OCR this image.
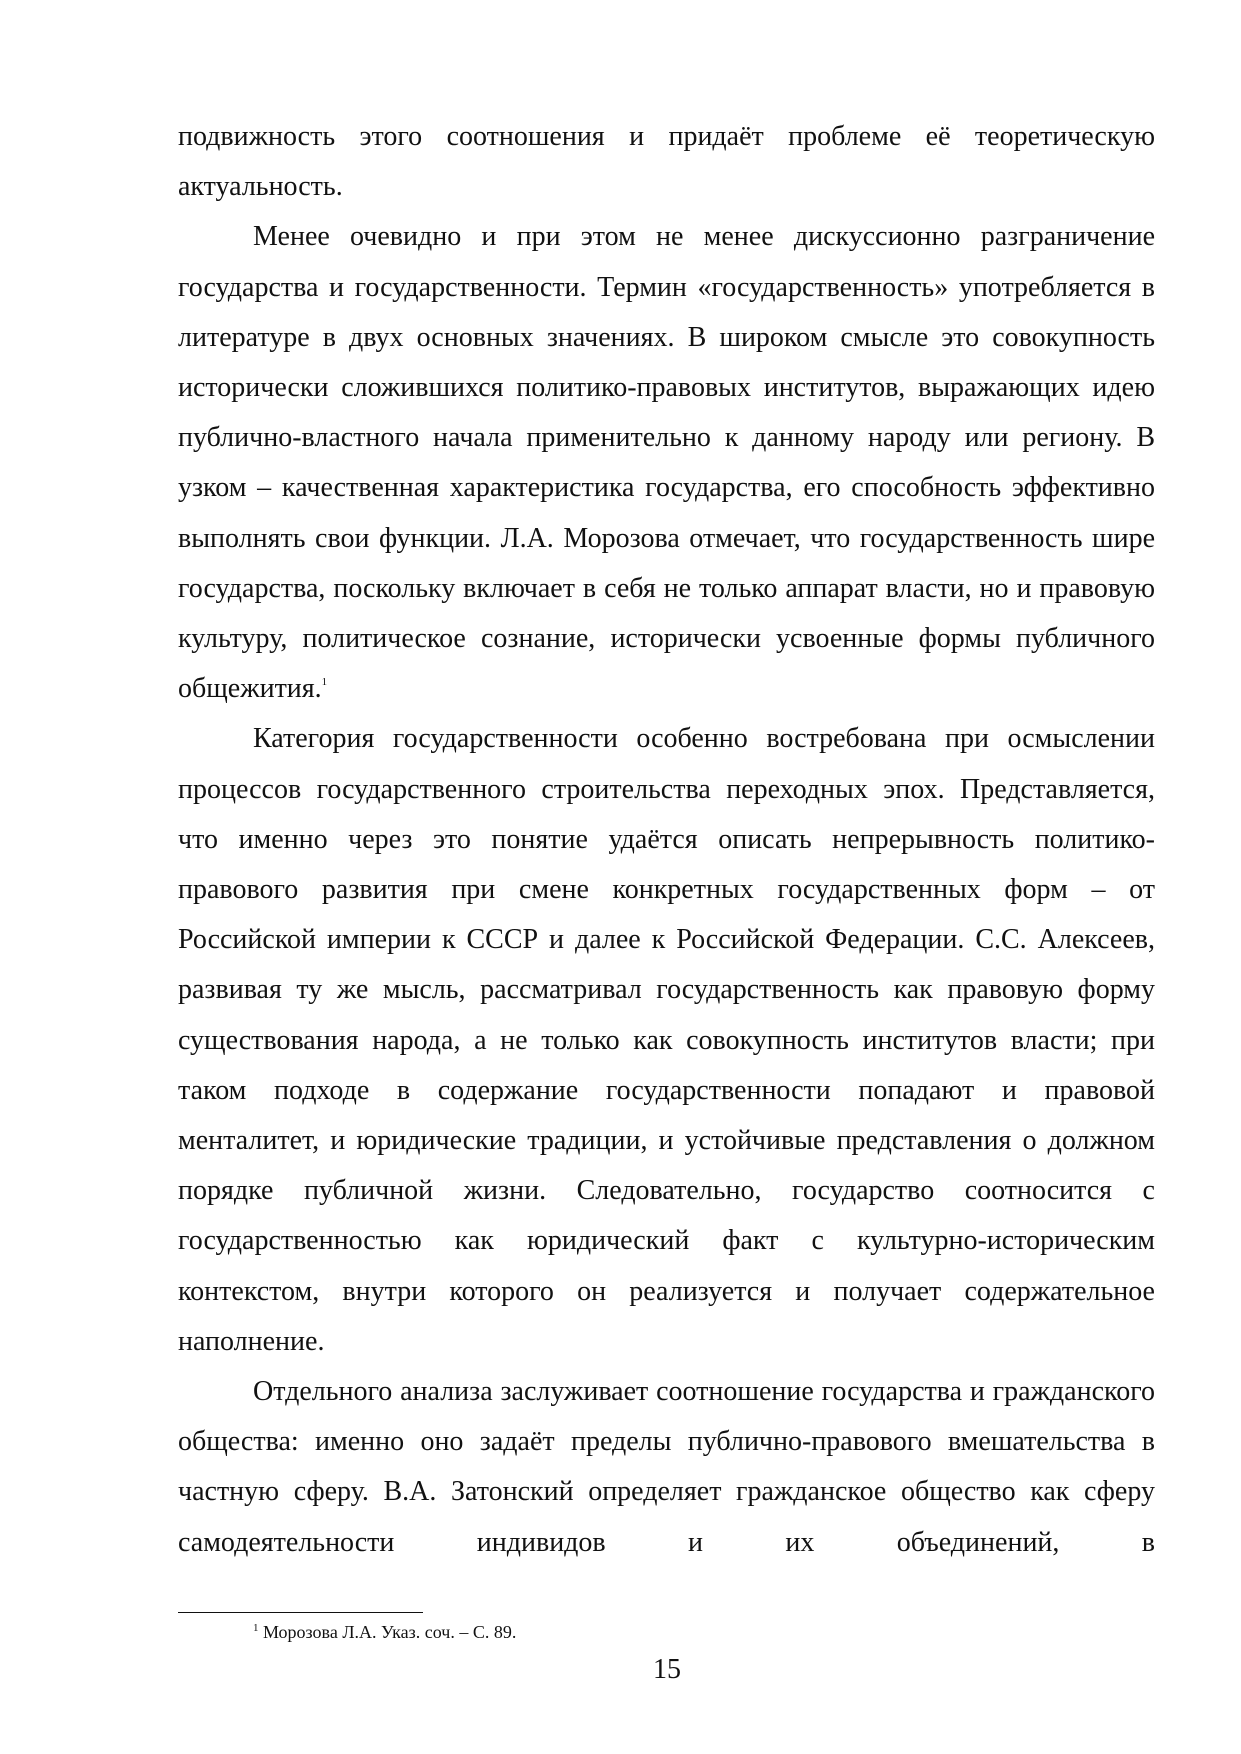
подвижность этого соотношения и придаёт проблеме её теоретическую актуальность.

Менее очевидно и при этом не менее дискуссионно разграничение государства и государственности. Термин «государственность» употребляется в литературе в двух основных значениях. В широком смысле это совокупность исторически сложившихся политико-правовых институтов, выражающих идею публично-властного начала применительно к данному народу или региону. В узком – качественная характеристика государства, его способность эффективно выполнять свои функции. Л.А. Морозова отмечает, что государственность шире государства, поскольку включает в себя не только аппарат власти, но и правовую культуру, политическое сознание, исторически усвоенные формы публичного общежития.$^1$

Категория государственности особенно востребована при осмыслении процессов государственного строительства переходных эпох. Представляется, что именно через это понятие удаётся описать непрерывность политико-правового развития при смене конкретных государственных форм – от Российской империи к СССР и далее к Российской Федерации. С.С. Алексеев, развивая ту же мысль, рассматривал государственность как правовую форму существования народа, а не только как совокупность институтов власти; при таком подходе в содержание государственности попадают и правовой менталитет, и юридические традиции, и устойчивые представления о должном порядке публичной жизни. Следовательно, государство соотносится с государственностью как юридический факт с культурно-историческим контекстом, внутри которого он реализуется и получает содержательное наполнение.

Отдельного анализа заслуживает соотношение государства и гражданского общества: именно оно задаёт пределы публично-правового вмешательства в частную сферу. В.А. Затонский определяет гражданское общество как сферу самодеятельности индивидов и их объединений, в

$^1$ Морозова Л.А. Указ. соч. – С. 89.
15
